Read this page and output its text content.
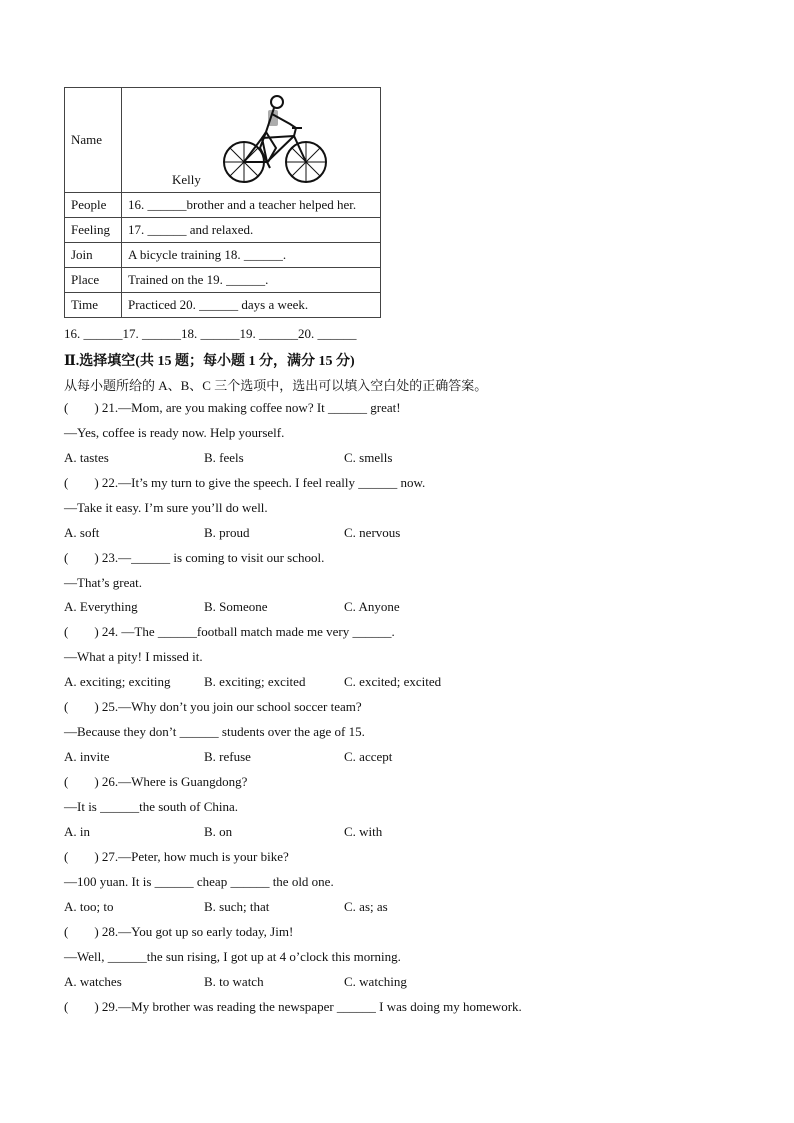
Name	Kelly

People	16. ______brother and a teacher helped her.
Feeling	17. ______ and relaxed.
Join	A bicycle training 18. ______.
Place	Trained on the 19. ______.
Time	Practiced 20. ______ days a week.
16. ______17. ______18. ______19. ______20. ______
Ⅱ.选择填空(共 15 题；每小题 1 分，满分 15 分)
从每小题所给的 A、B、C 三个选项中，选出可以填入空白处的正确答案。
(        ) 21.—Mom, are you making coffee now? It ______ great!
—Yes, coffee is ready now. Help yourself.
A. tastes	B. feels	C. smells
(        ) 22.—It’s my turn to give the speech. I feel really ______ now.
—Take it easy. I’m sure you’ll do well.
A. soft	B. proud	C. nervous
(        ) 23.—______ is coming to visit our school.
—That’s great.
A. Everything	B. Someone	C. Anyone
(        ) 24. —The ______football match made me very ______.
—What a pity! I missed it.
A. exciting; exciting	B. exciting; excited	C. excited; excited
(        ) 25.—Why don’t you join our school soccer team?
—Because they don’t ______ students over the age of 15.
A. invite	B. refuse	C. accept
(        ) 26.—Where is Guangdong?
—It is ______the south of China.
A. in	B. on	C. with
(        ) 27.—Peter, how much is your bike?
—100 yuan. It is ______ cheap ______ the old one.
A. too; to	B. such; that	C. as; as
(        ) 28.—You got up so early today, Jim!
—Well, ______the sun rising, I got up at 4 o’clock this morning.
A. watches	B. to watch	C. watching
(        ) 29.—My brother was reading the newspaper ______ I was doing my homework.
